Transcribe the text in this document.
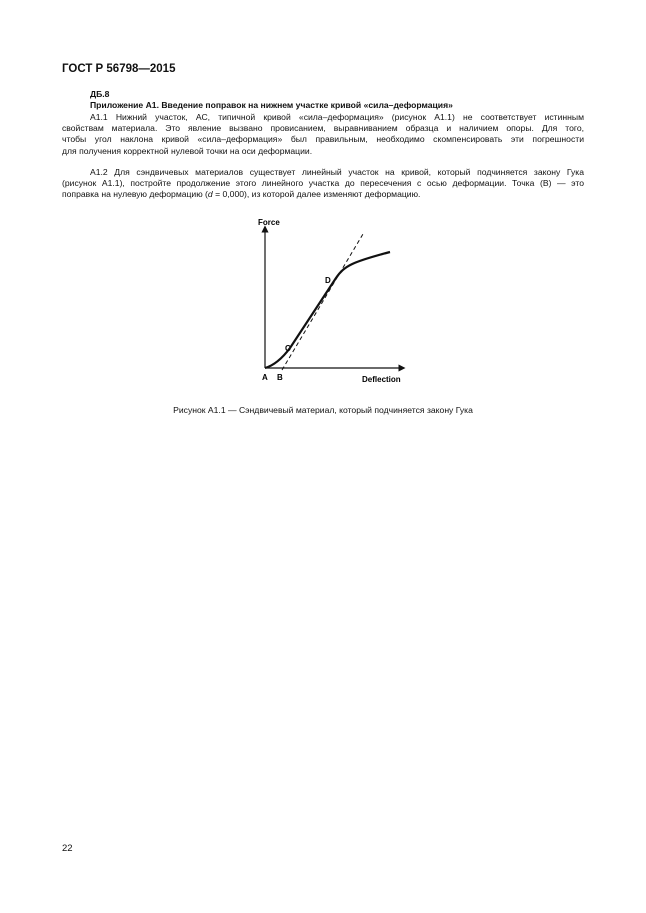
ГОСТ Р 56798—2015
ДБ.8
Приложение А1. Введение поправок на нижнем участке кривой «сила–деформация»

А1.1 Нижний участок, АС, типичной кривой «сила–деформация» (рисунок А1.1) не соответствует истинным
свойствам материала. Это явление вызвано провисанием, выравниванием образца и наличием опоры. Для того,
чтобы угол наклона кривой «сила–деформация» был правильным, необходимо скомпенсировать эти погрешности
для получения корректной нулевой точки на оси деформации.

А1.2 Для сэндвичевых материалов существует линейный участок на кривой, который подчиняется закону Гука
(рисунок А1.1), постройте продолжение этого линейного участка до пересечения с осью деформации. Точка (В) — это
поправка на нулевую деформацию (d = 0,000), из которой далее изменяют деформацию.

Force
Deflection
A B
C
D
Рисунок А1.1 — Сэндвичевый материал, который подчиняется закону Гука
22
